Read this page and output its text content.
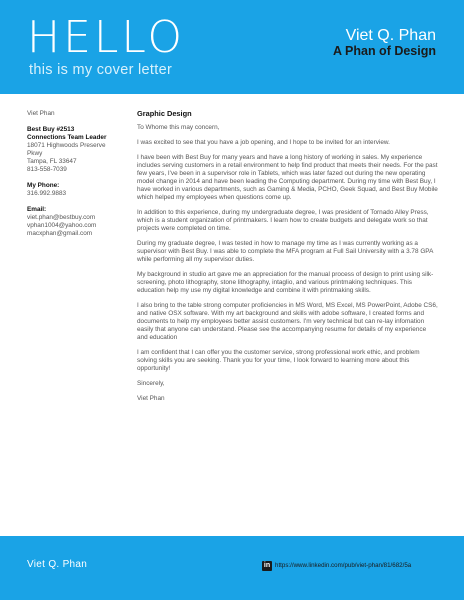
HELLO
this is my cover letter
Viet Q. Phan
A Phan of Design
Viet Phan
Best Buy #2513
Connections Team Leader
18071 Highwoods Preserve
Pkwy
Tampa, FL 33647
813-558-7039
My Phone:
316.992.9883
Email:
viet.phan@bestbuy.com
vphan1004@yahoo.com
macxphan@gmail.com
Graphic Design

To Whome this may concern,

I was excited to see that you have a job opening, and I hope to be invited for an interview.

I have been with Best Buy for many years and have a long history of working in sales. My experience includes serving customers in a retail environment to help find product that meets their needs. For the past few years, I've been in a supervisor role in Tablets, which was later fazed out during the new operating model change in 2014 and have been leading the Computing department. During my time with Best Buy, I have worked in various departments, such as Gaming & Media, PCHO, Geek Squad, and Best Buy Mobile which helped my employees when questions come up.

In addition to this experience, during my undergraduate degree, I was president of Tornado Alley Press, which is a student organization of printmakers. I learn how to create budgets and delegate work so that projects were completed on time.

During my graduate degree, I was tested in how to manage my time as I was currently working as a supervisor with Best Buy. I was able to complete the MFA program at Full Sail University with a 3.78 GPA while performing all my supervisor duties.

My background in studio art gave me an appreciation for the manual process of design to print using silk-screening, photo lithography, stone lithography, intaglio, and various printmaking techniques. This education help my use my digital knowledge and combine it with printmaking skills.

I also bring to the table strong computer proficiencies in MS Word, MS Excel, MS PowerPoint, Adobe CS6, and native OSX software. With my art background and skills with adobe software, I created forms and documents to help my employees better assist customers. I'm very technical but can re-lay infomation easily that anyone can understand. Please see the accompanying resume for details of my experience and education

I am confident that I can offer you the customer service, strong professional work ethic, and problem solving skills you are seeking. Thank you for your time, I look forward to learning more about this opportunity!

Sincerely,

Viet Phan

Viet Q. Phan	in https://www.linkedin.com/pub/viet-phan/81/682/5a
